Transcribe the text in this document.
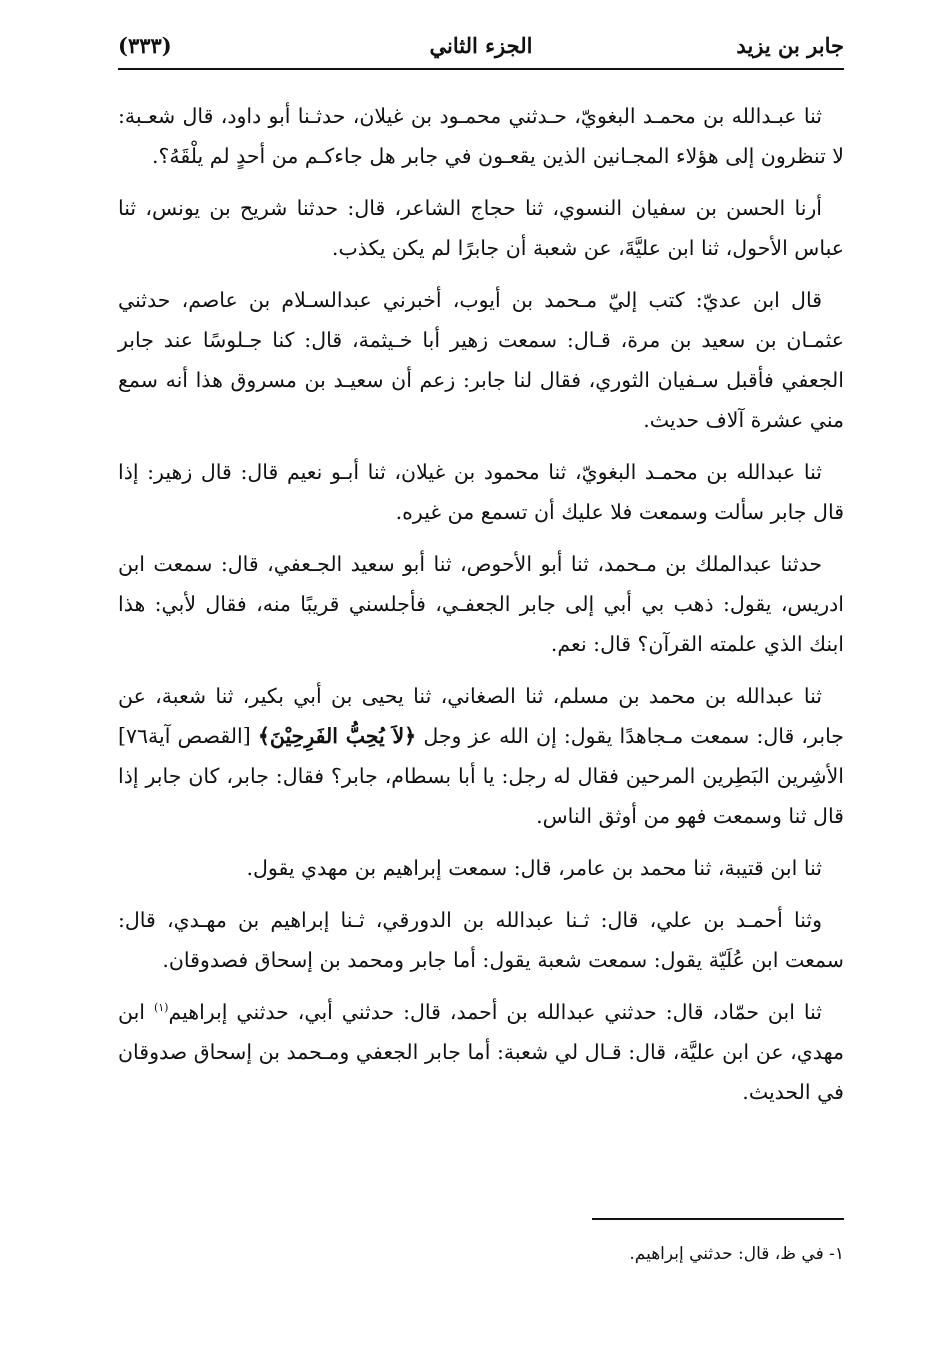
جابر بن يزيد
الجزء الثاني
(٣٣٣)

ثنا عبـدالله بن محمـد البغويّ، حـدثني محمـود بن غيلان، حدثـنا أبو داود، قال شعـبة: لا تنظرون إلى هؤلاء المجـانين الذين يقعـون في جابر هل جاءكـم من أحدٍ لم يلْقَهُ؟.

أرنا الحسن بن سفيان النسوي، ثنا حجاج الشاعر، قال: حدثنا شريح بن يونس، ثنا عباس الأحول، ثنا ابن عليَّةَ، عن شعبة أن جابرًا لم يكن يكذب.

قال ابن عديّ: كتب إليّ مـحمد بن أيوب، أخبرني عبدالسـلام بن عاصم، حدثني عثمـان بن سعيد بن مرة، قـال: سمعت زهير أبا خـيثمة، قال: كنا جـلوسًا عند جابر الجعفي فأقبل سـفيان الثوري، فقال لنا جابر: زعم أن سعيـد بن مسروق هذا أنه سمع مني عشرة آلاف حديث.

ثنا عبدالله بن محمـد البغويّ، ثنا محمود بن غيلان، ثنا أبـو نعيم قال: قال زهير: إذا قال جابر سألت وسمعت فلا عليك أن تسمع من غيره.

حدثنا عبدالملك بن مـحمد، ثنا أبو الأحوص، ثنا أبو سعيد الجـعفي، قال: سمعت ابن ادريس، يقول: ذهب بي أبي إلى جابر الجعفـي، فأجلسني قريبًا منه، فقال لأبي: هذا ابنك الذي علمته القرآن؟ قال: نعم.

ثنا عبدالله بن محمد بن مسلم، ثنا الصغاني، ثنا يحيى بن أبي بكير، ثنا شعبة، عن جابر، قال: سمعت مـجاهدًا يقول: إن الله عز وجل ﴿لاَ يُحِبُّ الفَرِحِيْنَ﴾ [القصص آية٧٦] الأشِرين البَطِرين المرحين فقال له رجل: يا أبا بسطام، جابر؟ فقال: جابر، كان جابر إذا قال ثنا وسمعت فهو من أوثق الناس.

ثنا ابن قتيبة، ثنا محمد بن عامر، قال: سمعت إبراهيم بن مهدي يقول.

وثنا أحمـد بن علي، قال: ثـنا عبدالله بن الدورقي، ثـنا إبراهيم بن مهـدي، قال: سمعت ابن عُلَيّة يقول: سمعت شعبة يقول: أما جابر ومحمد بن إسحاق فصدوقان.

ثنا ابن حمّاد، قال: حدثني عبدالله بن أحمد، قال: حدثني أبي، حدثني إبراهيم$^{(١)}$ ابن مهدي، عن ابن عليَّة، قال: قـال لي شعبة: أما جابر الجعفي ومـحمد بن إسحاق صدوقان في الحديث.

١- في ظ، قال: حدثني إبراهيم.
